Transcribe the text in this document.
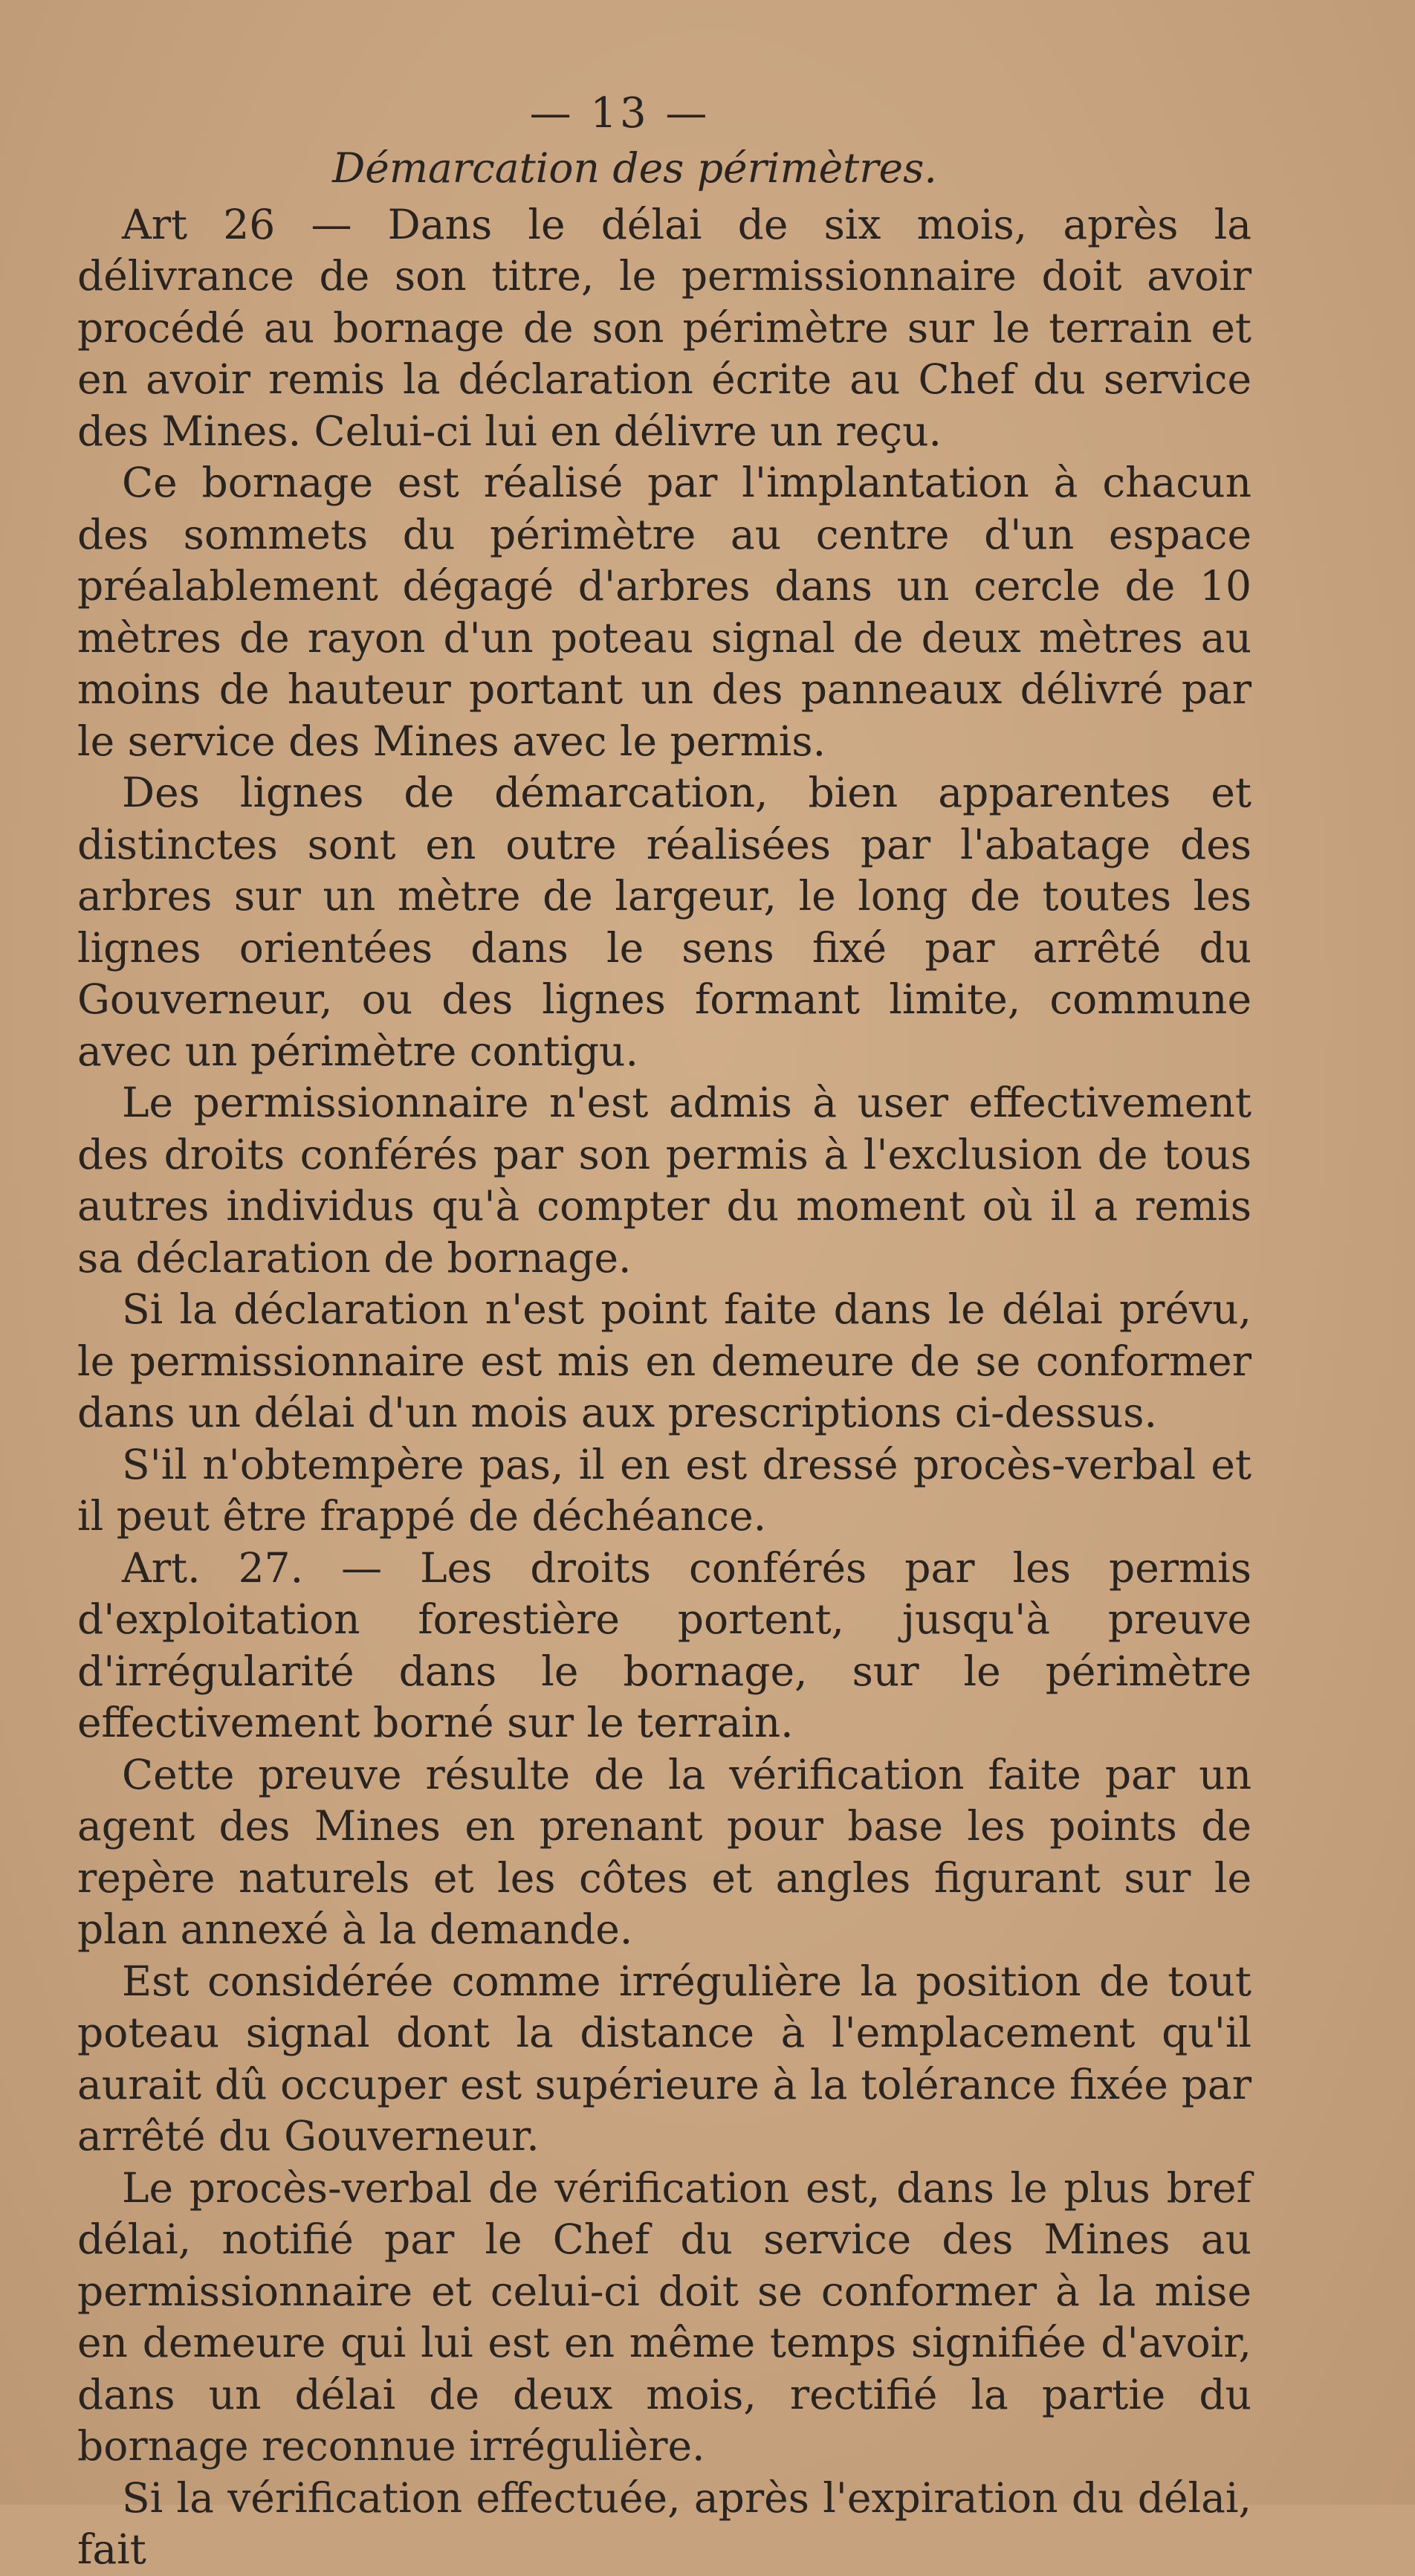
— 13 —
Démarcation des périmètres.

Art 26 — Dans le délai de six mois, après la délivrance de son titre, le permissionnaire doit avoir procédé au bornage de son périmètre sur le terrain et en avoir remis la déclaration écrite au Chef du service des Mines. Celui-ci lui en délivre un reçu.

Ce bornage est réalisé par l'implantation à chacun des sommets du périmètre au centre d'un espace préalablement dégagé d'arbres dans un cercle de 10 mètres de rayon d'un poteau signal de deux mètres au moins de hauteur portant un des panneaux délivré par le service des Mines avec le permis.

Des lignes de démarcation, bien apparentes et distinctes sont en outre réalisées par l'abatage des arbres sur un mètre de largeur, le long de toutes les lignes orientées dans le sens fixé par arrêté du Gouverneur, ou des lignes formant limite, commune avec un périmètre contigu.

Le permissionnaire n'est admis à user effectivement des droits conférés par son permis à l'exclusion de tous autres individus qu'à compter du moment où il a remis sa déclaration de bornage.

Si la déclaration n'est point faite dans le délai prévu, le permissionnaire est mis en demeure de se conformer dans un délai d'un mois aux prescriptions ci-dessus.

S'il n'obtempère pas, il en est dressé procès-verbal et il peut être frappé de déchéance.

Art. 27. — Les droits conférés par les permis d'exploitation forestière portent, jusqu'à preuve d'irrégularité dans le bornage, sur le périmètre effectivement borné sur le terrain.

Cette preuve résulte de la vérification faite par un agent des Mines en prenant pour base les points de repère naturels et les côtes et angles figurant sur le plan annexé à la demande.

Est considérée comme irrégulière la position de tout poteau signal dont la distance à l'emplacement qu'il aurait dû occuper est supérieure à la tolérance fixée par arrêté du Gouverneur.

Le procès-verbal de vérification est, dans le plus bref délai, notifié par le Chef du service des Mines au permissionnaire et celui-ci doit se conformer à la mise en demeure qui lui est en même temps signifiée d'avoir, dans un délai de deux mois, rectifié la partie du bornage reconnue irrégulière.

Si la vérification effectuée, après l'expiration du délai, fait
